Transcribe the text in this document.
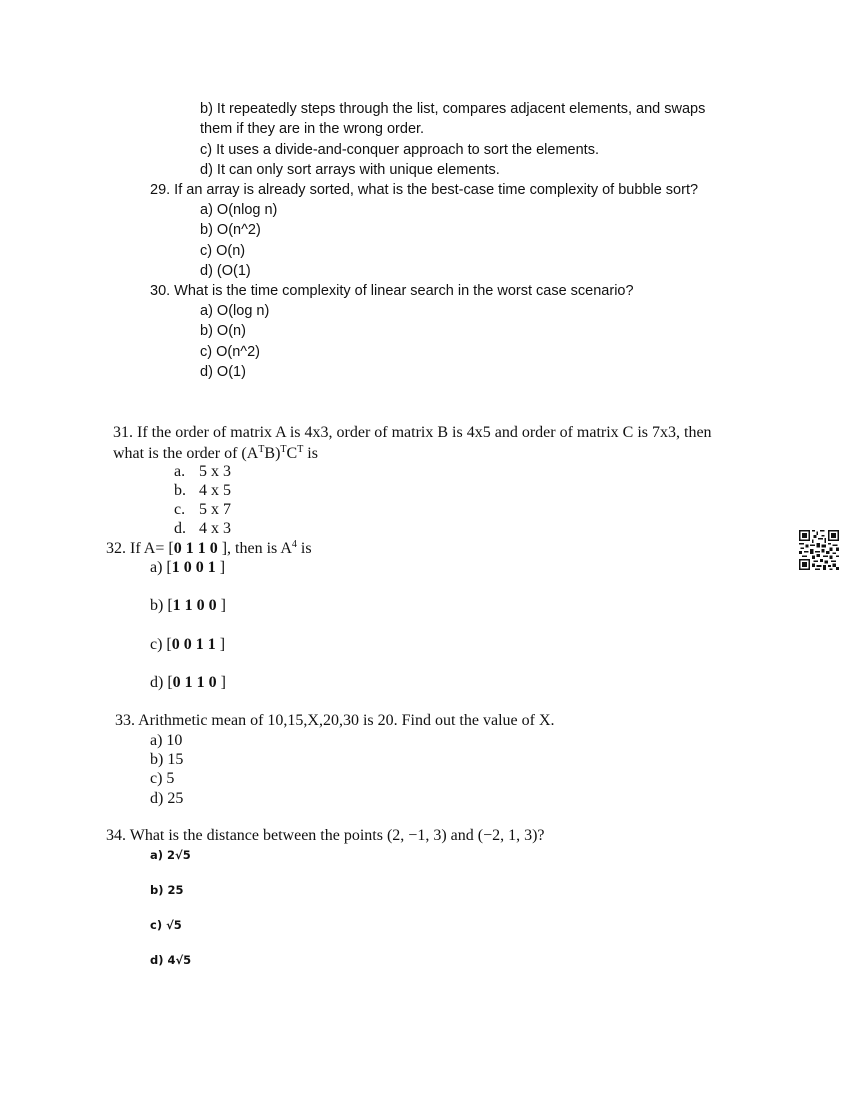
b) It repeatedly steps through the list, compares adjacent elements, and swaps
them if they are in the wrong order.
c) It uses a divide-and-conquer approach to sort the elements.
d) It can only sort arrays with unique elements.
29. If an array is already sorted, what is the best-case time complexity of bubble sort?
a) O(nlog n)
b) O(n^2)
c) O(n)
d) (O(1)
30. What is the time complexity of linear search in the worst case scenario?
a) O(log n)
b) O(n)
c) O(n^2)
d) O(1)
31. If the order of matrix A is 4x3, order of matrix B is 4x5 and order of matrix C is 7x3, then
what is the order of $(A^TB)^TC^T$ is
a. 5 x 3
b. 4 x 5
c. 5 x 7
d. 4 x 3
32. If A= [0 1 1 0 ], then is $A^4$ is
a) [1 0 0 1 ]
b) [1 1 0 0 ]
c) [0 0 1 1 ]
d) [0 1 1 0 ]
33. Arithmetic mean of 10,15,X,20,30 is 20. Find out the value of X.
a) 10
b) 15
c) 5
d) 25
34. What is the distance between the points (2, −1, 3) and (−2, 1, 3)?
a) 2√5
b) 25
c) √5
d) 4√5
